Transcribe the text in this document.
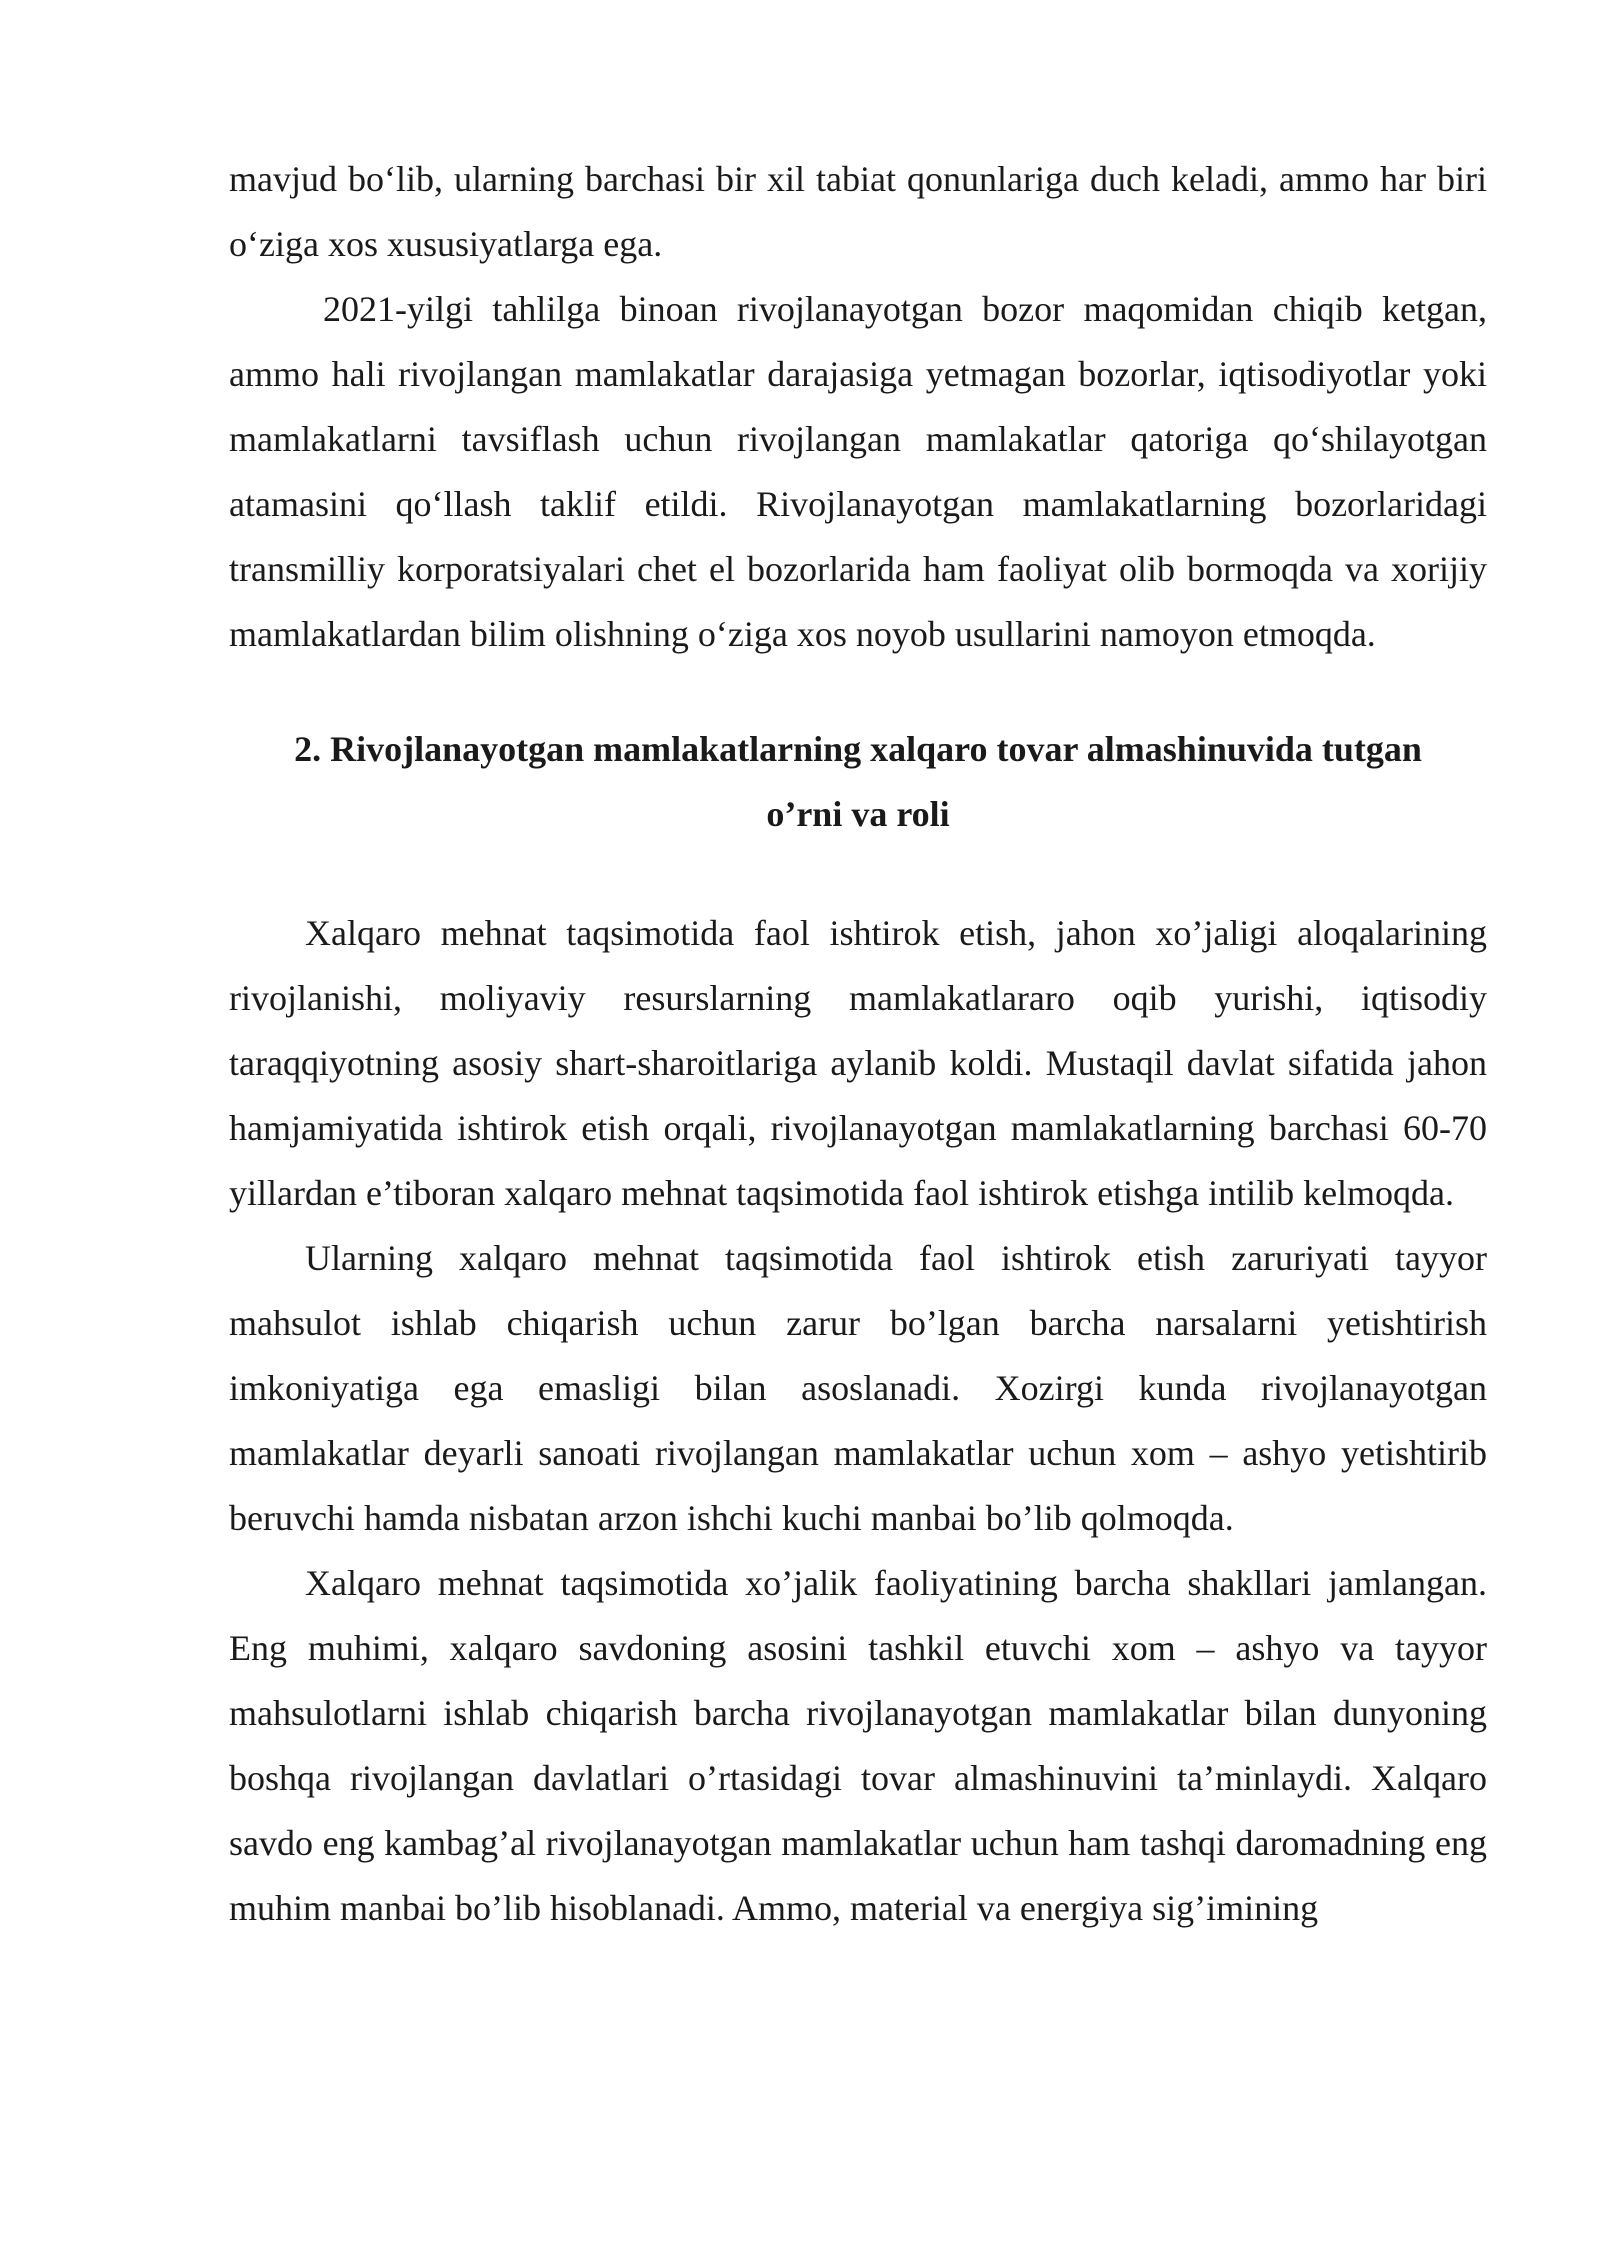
mavjud bo‘lib, ularning barchasi bir xil tabiat qonunlariga duch keladi, ammo har biri o‘ziga xos xususiyatlarga ega.

2021-yilgi tahlilga binoan rivojlanayotgan bozor maqomidan chiqib ketgan, ammo hali rivojlangan mamlakatlar darajasiga yetmagan bozorlar, iqtisodiyotlar yoki mamlakatlarni tavsiflash uchun rivojlangan mamlakatlar qatoriga qo‘shilayotgan atamasini qo‘llash taklif etildi. Rivojlanayotgan mamlakatlarning bozorlaridagi transmilliy korporatsiyalari chet el bozorlarida ham faoliyat olib bormoqda va xorijiy mamlakatlardan bilim olishning o‘ziga xos noyob usullarini namoyon etmoqda.

2. Rivojlanayotgan mamlakatlarning xalqaro tovar almashinuvida tutgan
o’rni va roli

Xalqaro mehnat taqsimotida faol ishtirok etish, jahon xo’jaligi aloqalarining rivojlanishi, moliyaviy resurslarning mamlakatlararo oqib yurishi, iqtisodiy taraqqiyotning asosiy shart-sharoitlariga aylanib koldi. Mustaqil davlat sifatida jahon hamjamiyatida ishtirok etish orqali, rivojlanayotgan mamlakatlarning barchasi 60-70 yillardan e’tiboran xalqaro mehnat taqsimotida faol ishtirok etishga intilib kelmoqda.

Ularning xalqaro mehnat taqsimotida faol ishtirok etish zaruriyati tayyor mahsulot ishlab chiqarish uchun zarur bo’lgan barcha narsalarni yetishtirish imkoniyatiga ega emasligi bilan asoslanadi. Xozirgi kunda rivojlanayotgan mamlakatlar deyarli sanoati rivojlangan mamlakatlar uchun xom – ashyo yetishtirib beruvchi hamda nisbatan arzon ishchi kuchi manbai bo’lib qolmoqda.

Xalqaro mehnat taqsimotida xo’jalik faoliyatining barcha shakllari jamlangan. Eng muhimi, xalqaro savdoning asosini tashkil etuvchi xom – ashyo va tayyor mahsulotlarni ishlab chiqarish barcha rivojlanayotgan mamlakatlar bilan dunyoning boshqa rivojlangan davlatlari o’rtasidagi tovar almashinuvini ta’minlaydi. Xalqaro savdo eng kambag’al rivojlanayotgan mamlakatlar uchun ham tashqi daromadning eng muhim manbai bo’lib hisoblanadi. Ammo, material va energiya sig’imining
